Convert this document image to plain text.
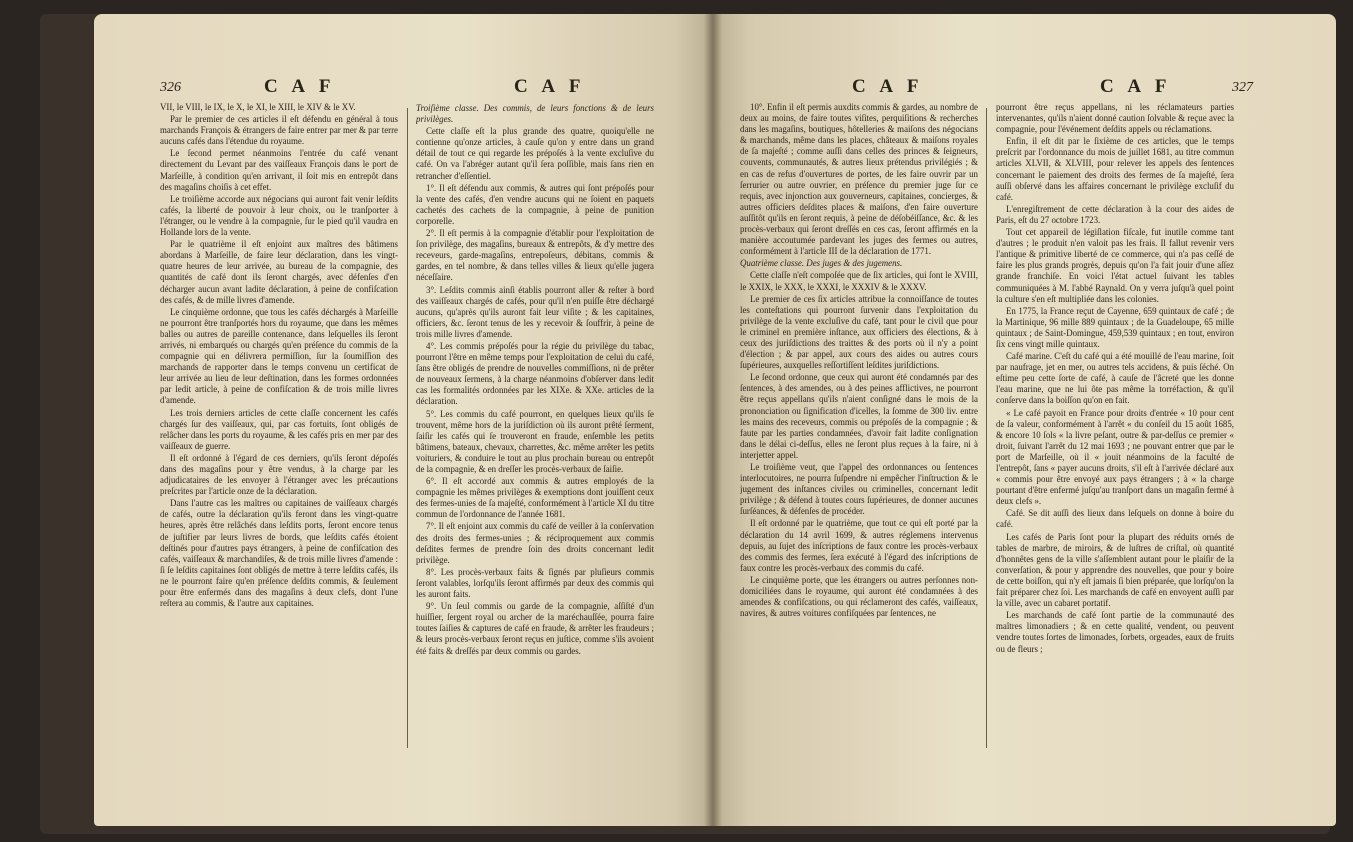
326	C A F	C A F

VII, le VIII, le IX, le X, le XI, le XIII, le XIV & le XV.

Par le premier de ces articles il eſt défendu en général à tous marchands François & étrangers de faire entrer par mer & par terre aucuns cafés dans l'étendue du royaume.

Le ſecond permet néanmoins l'entrée du café venant directement du Levant par des vaiſſeaux François dans le port de Marſeille, à condition qu'en arrivant, il ſoit mis en entrepôt dans des magaſins choiſis à cet effet.

Le troiſième accorde aux négocians qui auront fait venir leſdits cafés, la liberté de pouvoir à leur choix, ou le tranſporter à l'étranger, ou le vendre à la compagnie, ſur le pied qu'il vaudra en Hollande lors de la vente.

Par le quatrième il eſt enjoint aux maîtres des bâtimens abordans à Marſeille, de faire leur déclaration, dans les vingt-quatre heures de leur arrivée, au bureau de la compagnie, des quantités de café dont ils ſeront chargés, avec défenſes d'en décharger aucun avant ladite déclaration, à peine de confiſcation des cafés, & de mille livres d'amende.

Le cinquième ordonne, que tous les cafés déchargés à Marſeille ne pourront être tranſportés hors du royaume, que dans les mêmes balles ou autres de pareille contenance, dans leſquelles ils ſeront arrivés, ni embarqués ou chargés qu'en préſence du commis de la compagnie qui en délivrera permiſſion, ſur la ſoumiſſion des marchands de rapporter dans le temps convenu un certificat de leur arrivée au lieu de leur deſtination, dans les formes ordonnées par ledit article, à peine de confiſcation & de trois mille livres d'amende.

Les trois derniers articles de cette claſſe concernent les cafés chargés ſur des vaiſſeaux, qui, par cas fortuits, ſont obligés de relâcher dans les ports du royaume, & les cafés pris en mer par des vaiſſeaux de guerre.

Il eſt ordonné à l'égard de ces derniers, qu'ils ſeront dépoſés dans des magaſins pour y être vendus, à la charge par les adjudicataires de les envoyer à l'étranger avec les précautions preſcrites par l'article onze de la déclaration.

Dans l'autre cas les maîtres ou capitaines de vaiſſeaux chargés de cafés, outre la déclaration qu'ils feront dans les vingt-quatre heures, après être relâchés dans leſdits ports, ſeront encore tenus de juſtifier par leurs livres de bords, que leſdits cafés étoient deſtinés pour d'autres pays étrangers, à peine de confiſcation des cafés, vaiſſeaux & marchandiſes, & de trois mille livres d'amende : ſi ſe leſdits capitaines ſont obligés de mettre à terre leſdits cafés, ils ne le pourront faire qu'en préſence deſdits commis, & ſeulement pour être enfermés dans des magaſins à deux clefs, dont l'une reſtera au commis, & l'autre aux capitaines.

Troiſième classe. Des commis, de leurs fonctions & de leurs privilèges.

Cette claſſe eſt la plus grande des quatre, quoiqu'elle ne contienne qu'onze articles, à cauſe qu'on y entre dans un grand détail de tout ce qui regarde les prépoſés à la vente excluſive du café. On va l'abréger autant qu'il ſera poſſible, mais ſans rien en retrancher d'eſſentiel.

1°. Il eſt défendu aux commis, & autres qui ſont prépoſés pour la vente des cafés, d'en vendre aucuns qui ne ſoient en paquets cachetés des cachets de la compagnie, à peine de punition corporelle.

2°. Il eſt permis à la compagnie d'établir pour l'exploitation de ſon privilège, des magaſins, bureaux & entrepôts, & d'y mettre des receveurs, garde-magaſins, entrepoſeurs, débitans, commis & gardes, en tel nombre, & dans telles villes & lieux qu'elle jugera néceſſaire.

3°. Leſdits commis ainſi établis pourront aller & reſter à bord des vaiſſeaux chargés de cafés, pour qu'il n'en puiſſe être déchargé aucuns, qu'après qu'ils auront fait leur viſite ; & les capitaines, officiers, &c. ſeront tenus de les y recevoir & ſouffrir, à peine de trois mille livres d'amende.

4°. Les commis prépoſés pour la régie du privilège du tabac, pourront l'être en même temps pour l'exploitation de celui du café, ſans être obligés de prendre de nouvelles commiſſions, ni de prêter de nouveaux ſermens, à la charge néanmoins d'obſerver dans ledit cas les formalités ordonnées par les XIXe. & XXe. articles de la déclaration.

5°. Les commis du café pourront, en quelques lieux qu'ils ſe trouvent, même hors de la juriſdiction où ils auront prêté ſerment, ſaiſir les cafés qui ſe trouveront en fraude, enſemble les petits bâtimens, bateaux, chevaux, charrettes, &c. même arrêter les petits voituriers, & conduire le tout au plus prochain bureau ou entrepôt de la compagnie, & en dreſſer les procès-verbaux de ſaiſie.

6°. Il eſt accordé aux commis & autres employés de la compagnie les mêmes privilèges & exemptions dont jouiſſent ceux des fermes-unies de ſa majeſté, conformément à l'article XI du titre commun de l'ordonnance de l'année 1681.

7°. Il eſt enjoint aux commis du café de veiller à la conſervation des droits des fermes-unies ; & réciproquement aux commis deſdites fermes de prendre ſoin des droits concernant ledit privilège.

8°. Les procès-verbaux faits & ſignés par pluſieurs commis ſeront valables, lorſqu'ils ſeront affirmés par deux des commis qui les auront faits.

9°. Un ſeul commis ou garde de la compagnie, aſſiſté d'un huiſſier, ſergent royal ou archer de la maréchauſſée, pourra faire toutes ſaiſies & captures de café en fraude, & arrêter les fraudeurs ; & leurs procès-verbaux ſeront reçus en juſtice, comme s'ils avoient été faits & dreſſés par deux commis ou gardes.

C A F	C A F	327

10°. Enfin il eſt permis auxdits commis & gardes, au nombre de deux au moins, de faire toutes viſites, perquiſitions & recherches dans les magaſins, boutiques, hôtelleries & maiſons des négocians & marchands, même dans les places, châteaux & maiſons royales de ſa majeſté ; comme auſſi dans celles des princes & ſeigneurs, couvents, communautés, & autres lieux prétendus privilégiés ; & en cas de refus d'ouvertures de portes, de les faire ouvrir par un ſerrurier ou autre ouvrier, en préſence du premier juge ſur ce requis, avec injonction aux gouverneurs, capitaines, concierges, & autres officiers deſdites places & maiſons, d'en faire ouverture auſſitôt qu'ils en ſeront requis, à peine de déſobéiſſance, &c. & les procès-verbaux qui ſeront dreſſés en ces cas, ſeront affirmés en la manière accoutumée pardevant les juges des fermes ou autres, conformément à l'article III de la déclaration de 1771.

Quatrième classe. Des juges & des jugemens.

Cette claſſe n'eſt compoſée que de ſix articles, qui ſont le XVIII, le XXIX, le XXX, le XXXI, le XXXIV & le XXXV.

Le premier de ces ſix articles attribue la connoiſſance de toutes les conteſtations qui pourront ſurvenir dans l'exploitation du privilège de la vente excluſive du café, tant pour le civil que pour le criminel en première inſtance, aux officiers des élections, & à ceux des juriſdictions des traittes & des ports où il n'y a point d'élection ; & par appel, aux cours des aides ou autres cours ſupérieures, auxquelles reſſortiſſent leſdites juriſdictions.

Le ſecond ordonne, que ceux qui auront été condamnés par des ſentences, à des amendes, ou à des peines afflictives, ne pourront être reçus appellans qu'ils n'aient conſigné dans le mois de la prononciation ou ſignification d'icelles, la ſomme de 300 liv. entre les mains des receveurs, commis ou prépoſés de la compagnie ; & faute par les parties condamnées, d'avoir fait ladite conſignation dans le délai ci-deſſus, elles ne ſeront plus reçues à la faire, ni à interjetter appel.

Le troiſième veut, que l'appel des ordonnances ou ſentences interlocutoires, ne pourra ſuſpendre ni empêcher l'inſtruction & le jugement des inſtances civiles ou criminelles, concernant ledit privilège ; & défend à toutes cours ſupérieures, de donner aucunes ſurſéances, & défenſes de procéder.

Il eſt ordonné par le quatrième, que tout ce qui eſt porté par la déclaration du 14 avril 1699, & autres réglemens intervenus depuis, au ſujet des inſcriptions de faux contre les procès-verbaux des commis des fermes, ſera exécuté à l'égard des inſcriptions de faux contre les procès-verbaux des commis du café.

Le cinquième porte, que les étrangers ou autres perſonnes non-domiciliées dans le royaume, qui auront été condamnées à des amendes & confiſcations, ou qui réclameront des cafés, vaiſſeaux, navires, & autres voitures confiſquées par ſentences, ne

pourront être reçus appellans, ni les réclamateurs parties intervenantes, qu'ils n'aient donné caution ſolvable & reçue avec la compagnie, pour l'événement deſdits appels ou réclamations.

Enfin, il eſt dit par le ſixième de ces articles, que le temps preſcrit par l'ordonnance du mois de juillet 1681, au titre commun articles XLVII, & XLVIII, pour relever les appels des ſentences concernant le paiement des droits des fermes de ſa majeſté, ſera auſſi obſervé dans les affaires concernant le privilège excluſif du café.

L'enregiſtrement de cette déclaration à la cour des aides de Paris, eſt du 27 octobre 1723.

Tout cet appareil de légiſlation fiſcale, fut inutile comme tant d'autres ; le produit n'en valoit pas les frais. Il fallut revenir vers l'antique & primitive liberté de ce commerce, qui n'a pas ceſſé de faire les plus grands progrès, depuis qu'on l'a fait jouir d'une aſſez grande franchiſe. En voici l'état actuel ſuivant les tables communiquées à M. l'abbé Raynald. On y verra juſqu'à quel point la culture s'en eſt multipliée dans les colonies.

En 1775, la France reçut de Cayenne, 659 quintaux de café ; de la Martinique, 96 mille 889 quintaux ; de la Guadeloupe, 65 mille quintaux ; de Saint-Domingue, 459,539 quintaux ; en tout, environ ſix cens vingt mille quintaux.

Café marine. C'eſt du café qui a été mouillé de l'eau marine, ſoit par naufrage, jet en mer, ou autres tels accidens, & puis ſéché. On eſtime peu cette ſorte de café, à cauſe de l'âcreté que les donne l'eau marine, que ne lui ôte pas même la torréfaction, & qu'il conſerve dans la boiſſon qu'on en fait.

« Le café payoit en France pour droits d'entrée « 10 pour cent de ſa valeur, conformément à l'arrêt « du conſeil du 15 août 1685, & encore 10 ſols « la livre peſant, outre & par-deſſus ce premier « droit, ſuivant l'arrêt du 12 mai 1693 ; ne pouvant entrer que par le port de Marſeille, où il « jouit néanmoins de la faculté de l'entrepôt, ſans « payer aucuns droits, s'il eſt à l'arrivée déclaré aux « commis pour être envoyé aux pays étrangers ; à « la charge pourtant d'être enfermé juſqu'au tranſport dans un magaſin fermé à deux clefs ».

Café. Se dit auſſi des lieux dans leſquels on donne à boire du café.

Les cafés de Paris ſont pour la plupart des réduits ornés de tables de marbre, de miroirs, & de luſtres de criſtal, où quantité d'honnêtes gens de la ville s'aſſemblent autant pour le plaiſir de la converſation, & pour y apprendre des nouvelles, que pour y boire de cette boiſſon, qui n'y eſt jamais ſi bien préparée, que lorſqu'on la fait préparer chez ſoi. Les marchands de café en envoyent auſſi par la ville, avec un cabaret portatif.

Les marchands de café ſont partie de la communauté des maîtres limonadiers ; & en cette qualité, vendent, ou peuvent vendre toutes ſortes de limonades, ſorbets, orgeades, eaux de fruits ou de fleurs ;
